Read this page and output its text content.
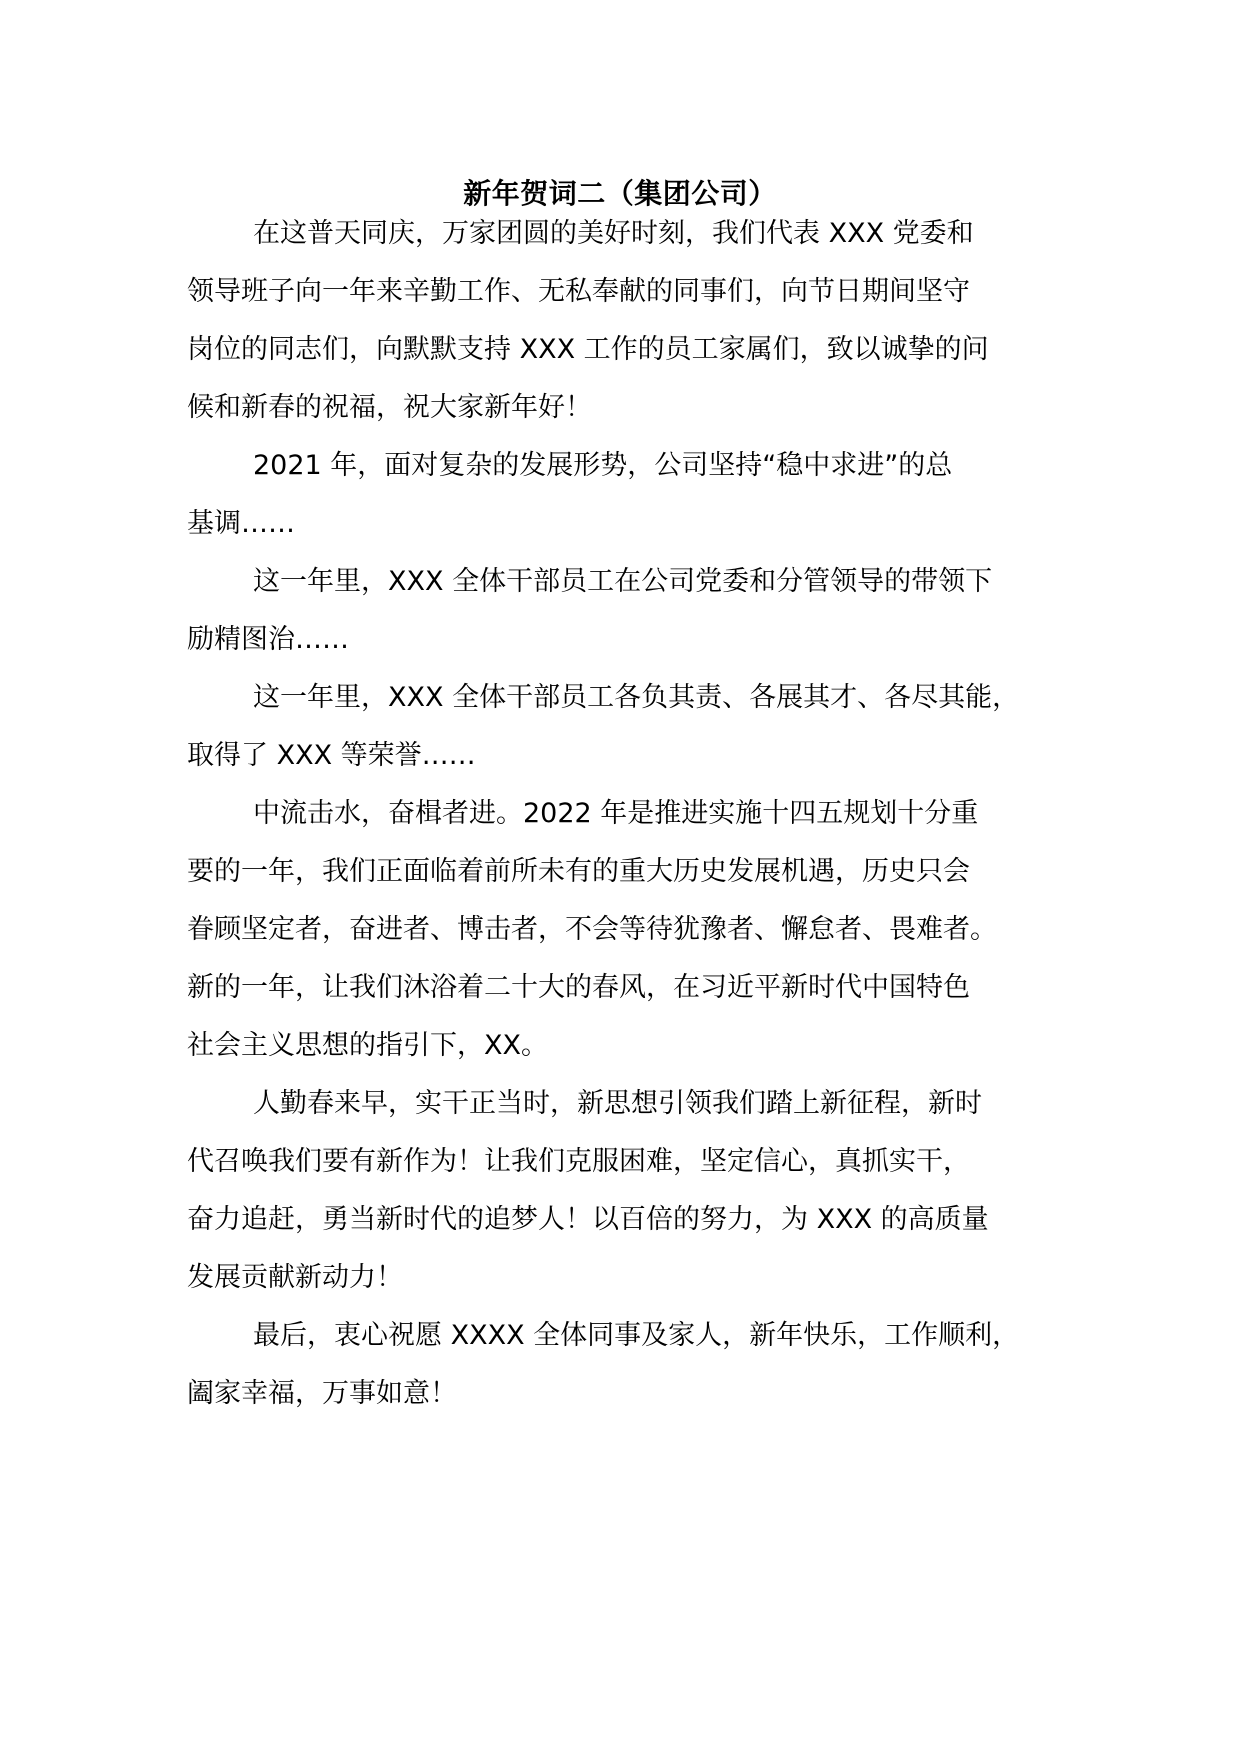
新年贺词二（集团公司）
在这普天同庆，万家团圆的美好时刻，我们代表 XXX 党委和
领导班子向一年来辛勤工作、无私奉献的同事们，向节日期间坚守
岗位的同志们，向默默支持 XXX 工作的员工家属们，致以诚挚的问
候和新春的祝福，祝大家新年好！
2021 年，面对复杂的发展形势，公司坚持“稳中求进”的总
基调……
这一年里，XXX 全体干部员工在公司党委和分管领导的带领下
励精图治……
这一年里，XXX 全体干部员工各负其责、各展其才、各尽其能，
取得了 XXX 等荣誉……
中流击水，奋楫者进。2022 年是推进实施十四五规划十分重
要的一年，我们正面临着前所未有的重大历史发展机遇，历史只会
眷顾坚定者，奋进者、博击者，不会等待犹豫者、懈怠者、畏难者。
新的一年，让我们沐浴着二十大的春风，在习近平新时代中国特色
社会主义思想的指引下，XX。
人勤春来早，实干正当时，新思想引领我们踏上新征程，新时
代召唤我们要有新作为！让我们克服困难，坚定信心，真抓实干，
奋力追赶，勇当新时代的追梦人！以百倍的努力，为 XXX 的高质量
发展贡献新动力！
最后，衷心祝愿 XXXX 全体同事及家人，新年快乐，工作顺利，
阖家幸福，万事如意！
